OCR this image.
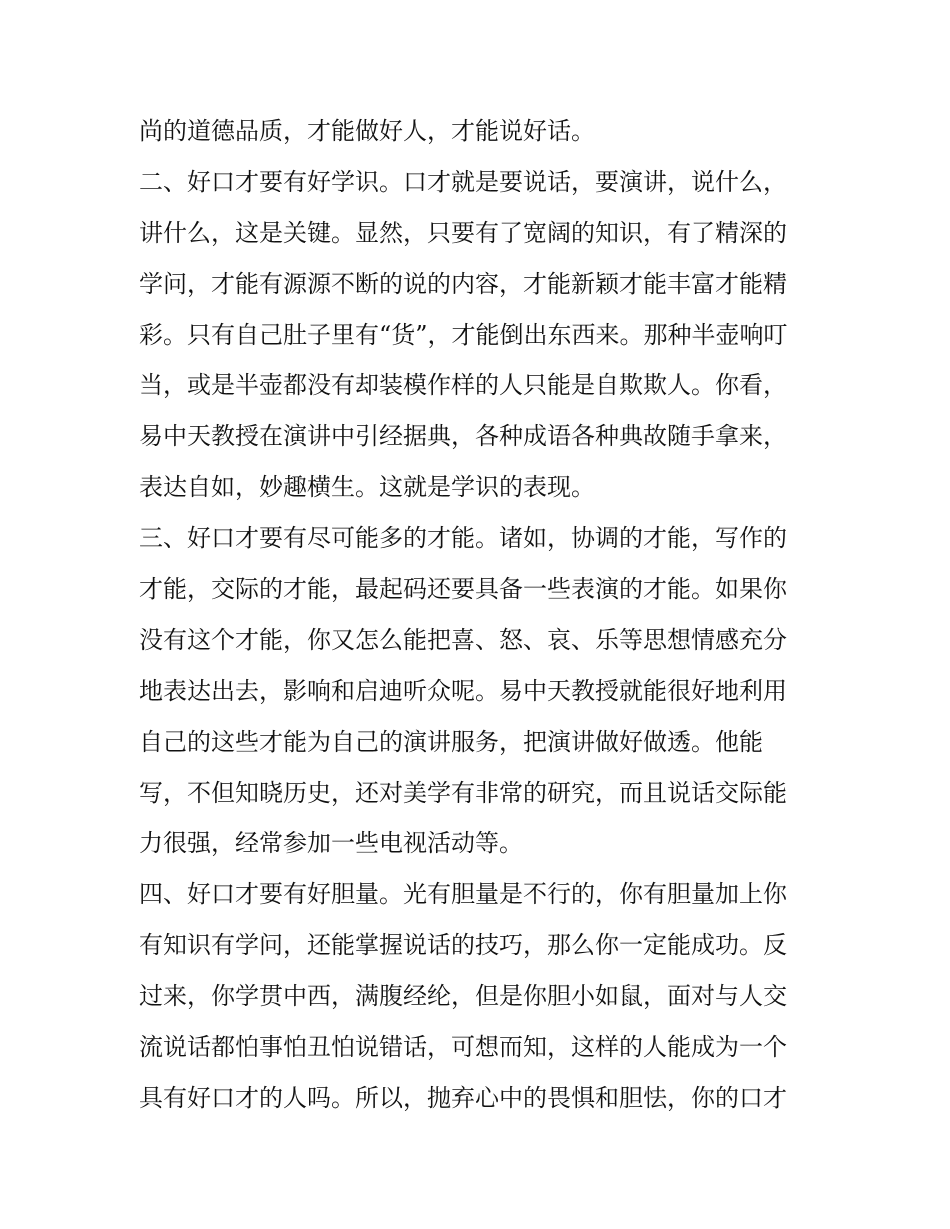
尚的道德品质，才能做好人，才能说好话。
二、好口才要有好学识。口才就是要说话，要演讲，说什么，
讲什么，这是关键。显然，只要有了宽阔的知识，有了精深的
学问，才能有源源不断的说的内容，才能新颖才能丰富才能精
彩。只有自己肚子里有“货”，才能倒出东西来。那种半壶响叮
当，或是半壶都没有却装模作样的人只能是自欺欺人。你看，
易中天教授在演讲中引经据典，各种成语各种典故随手拿来，
表达自如，妙趣横生。这就是学识的表现。
三、好口才要有尽可能多的才能。诸如，协调的才能，写作的
才能，交际的才能，最起码还要具备一些表演的才能。如果你
没有这个才能，你又怎么能把喜、怒、哀、乐等思想情感充分
地表达出去，影响和启迪听众呢。易中天教授就能很好地利用
自己的这些才能为自己的演讲服务，把演讲做好做透。他能
写，不但知晓历史，还对美学有非常的研究，而且说话交际能
力很强，经常参加一些电视活动等。
四、好口才要有好胆量。光有胆量是不行的，你有胆量加上你
有知识有学问，还能掌握说话的技巧，那么你一定能成功。反
过来，你学贯中西，满腹经纶，但是你胆小如鼠，面对与人交
流说话都怕事怕丑怕说错话，可想而知，这样的人能成为一个
具有好口才的人吗。所以，抛弃心中的畏惧和胆怯，你的口才
